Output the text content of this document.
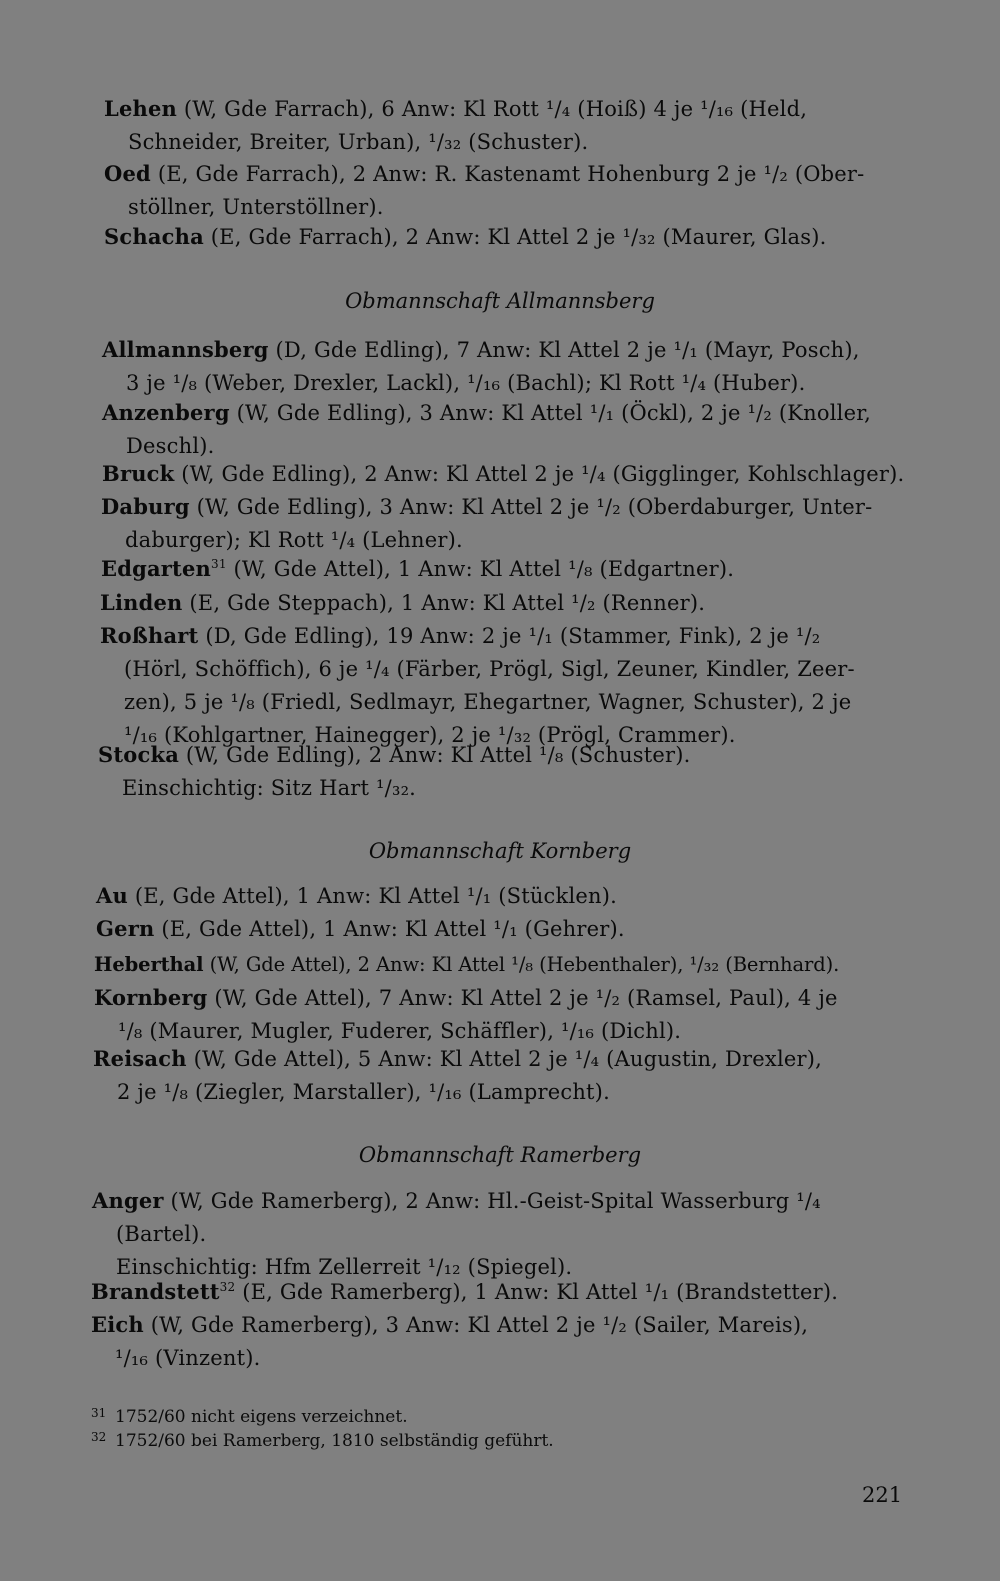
Lehen (W, Gde Farrach), 6 Anw: Kl Rott ¹/₄ (Hoiß) 4 je ¹/₁₆ (Held,
Schneider, Breiter, Urban), ¹/₃₂ (Schuster).
Oed (E, Gde Farrach), 2 Anw: R. Kastenamt Hohenburg 2 je ¹/₂ (Ober-
stöllner, Unterstöllner).
Schacha (E, Gde Farrach), 2 Anw: Kl Attel 2 je ¹/₃₂ (Maurer, Glas).
Obmannschaft Allmannsberg
Allmannsberg (D, Gde Edling), 7 Anw: Kl Attel 2 je ¹/₁ (Mayr, Posch),
3 je ¹/₈ (Weber, Drexler, Lackl), ¹/₁₆ (Bachl); Kl Rott ¹/₄ (Huber).
Anzenberg (W, Gde Edling), 3 Anw: Kl Attel ¹/₁ (Öckl), 2 je ¹/₂ (Knoller,
Deschl).
Bruck (W, Gde Edling), 2 Anw: Kl Attel 2 je ¹/₄ (Gigglinger, Kohlschlager).
Daburg (W, Gde Edling), 3 Anw: Kl Attel 2 je ¹/₂ (Oberdaburger, Unter-
daburger); Kl Rott ¹/₄ (Lehner).
Edgarten$^{31}$ (W, Gde Attel), 1 Anw: Kl Attel ¹/₈ (Edgartner).
Linden (E, Gde Steppach), 1 Anw: Kl Attel ¹/₂ (Renner).
Roßhart (D, Gde Edling), 19 Anw: 2 je ¹/₁ (Stammer, Fink), 2 je ¹/₂
(Hörl, Schöffich), 6 je ¹/₄ (Färber, Prögl, Sigl, Zeuner, Kindler, Zeer-
zen), 5 je ¹/₈ (Friedl, Sedlmayr, Ehegartner, Wagner, Schuster), 2 je
¹/₁₆ (Kohlgartner, Hainegger), 2 je ¹/₃₂ (Prögl, Crammer).
Stocka (W, Gde Edling), 2 Anw: Kl Attel ¹/₈ (Schuster).
Einschichtig: Sitz Hart ¹/₃₂.
Obmannschaft Kornberg
Au (E, Gde Attel), 1 Anw: Kl Attel ¹/₁ (Stücklen).
Gern (E, Gde Attel), 1 Anw: Kl Attel ¹/₁ (Gehrer).
Heberthal (W, Gde Attel), 2 Anw: Kl Attel ¹/₈ (Hebenthaler), ¹/₃₂ (Bernhard).
Kornberg (W, Gde Attel), 7 Anw: Kl Attel 2 je ¹/₂ (Ramsel, Paul), 4 je
¹/₈ (Maurer, Mugler, Fuderer, Schäffler), ¹/₁₆ (Dichl).
Reisach (W, Gde Attel), 5 Anw: Kl Attel 2 je ¹/₄ (Augustin, Drexler),
2 je ¹/₈ (Ziegler, Marstaller), ¹/₁₆ (Lamprecht).
Obmannschaft Ramerberg
Anger (W, Gde Ramerberg), 2 Anw: Hl.-Geist-Spital Wasserburg ¹/₄
(Bartel).
Einschichtig: Hfm Zellerreit ¹/₁₂ (Spiegel).
Brandstett$^{32}$ (E, Gde Ramerberg), 1 Anw: Kl Attel ¹/₁ (Brandstetter).
Eich (W, Gde Ramerberg), 3 Anw: Kl Attel 2 je ¹/₂ (Sailer, Mareis),
¹/₁₆ (Vinzent).
31 1752/60 nicht eigens verzeichnet.
32 1752/60 bei Ramerberg, 1810 selbständig geführt.
221
